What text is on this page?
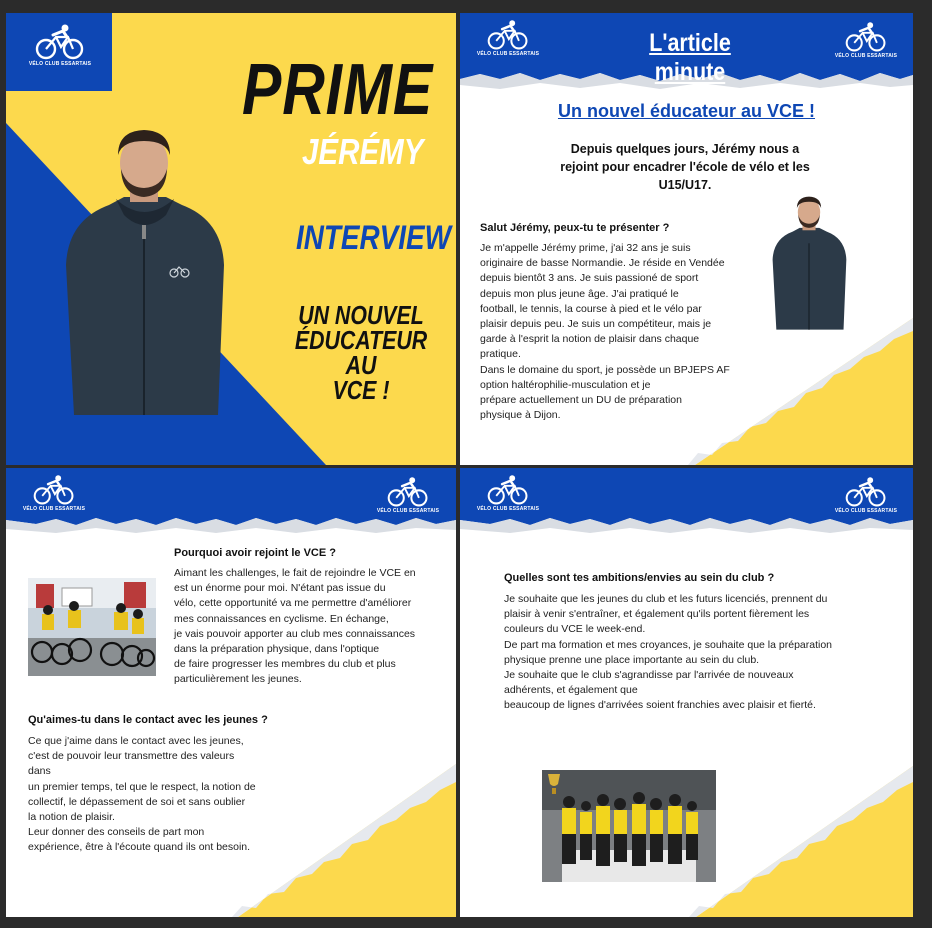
VÉLO CLUB ESSARTAIS PRIME
JÉRÉMY
INTERVIEW
UN NOUVEL
ÉDUCATEUR AU
VCE !
VÉLO CLUB ESSARTAIS	VÉLO CLUB ESSARTAIS
L'article minute
Un nouvel éducateur au VCE !
Depuis quelques jours, Jérémy nous a
rejoint pour encadrer l'école de vélo et les
U15/U17.
Salut Jérémy, peux-tu te présenter ?
Je m'appelle Jérémy prime, j'ai 32 ans je suis
originaire de basse Normandie. Je réside en Vendée
depuis bientôt 3 ans. Je suis passioné de sport
depuis mon plus jeune âge. J'ai pratiqué le
football, le tennis, la course à pied et le vélo par
plaisir depuis peu. Je suis un compétiteur, mais je
garde à l'esprit la notion de plaisir dans chaque
pratique.
Dans le domaine du sport, je possède un BPJEPS AF
option haltérophilie-musculation et je
prépare actuellement un DU de préparation
physique à Dijon.
VÉLO CLUB ESSARTAIS	VÉLO CLUB ESSARTAIS
Pourquoi avoir rejoint le VCE ?
Aimant les challenges, le fait de rejoindre le VCE en
est un énorme pour moi. N'étant pas issue du
vélo, cette opportunité va me permettre d'améliorer
mes connaissances en cyclisme. En échange,
je vais pouvoir apporter au club mes connaissances
dans la préparation physique, dans l'optique
de faire progresser les membres du club et plus
particulièrement les jeunes.
Qu'aimes-tu dans le contact avec les jeunes ?
Ce que j'aime dans le contact avec les jeunes,
c'est de pouvoir leur transmettre des valeurs
dans
un premier temps, tel que le respect, la notion de
collectif, le dépassement de soi et sans oublier
la notion de plaisir.
Leur donner des conseils de part mon
expérience, être à l'écoute quand ils ont besoin.
VÉLO CLUB ESSARTAIS	VÉLO CLUB ESSARTAIS
Quelles sont tes ambitions/envies au sein du club ?
Je souhaite que les jeunes du club et les futurs licenciés, prennent du
plaisir à venir s'entraîner, et également qu'ils portent fièrement les
couleurs du VCE le week-end.
De part ma formation et mes croyances, je souhaite que la préparation
physique prenne une place importante au sein du club.
Je souhaite que le club s'agrandisse par l'arrivée de nouveaux
adhérents, et également que
beaucoup de lignes d'arrivées soient franchies avec plaisir et fierté.
